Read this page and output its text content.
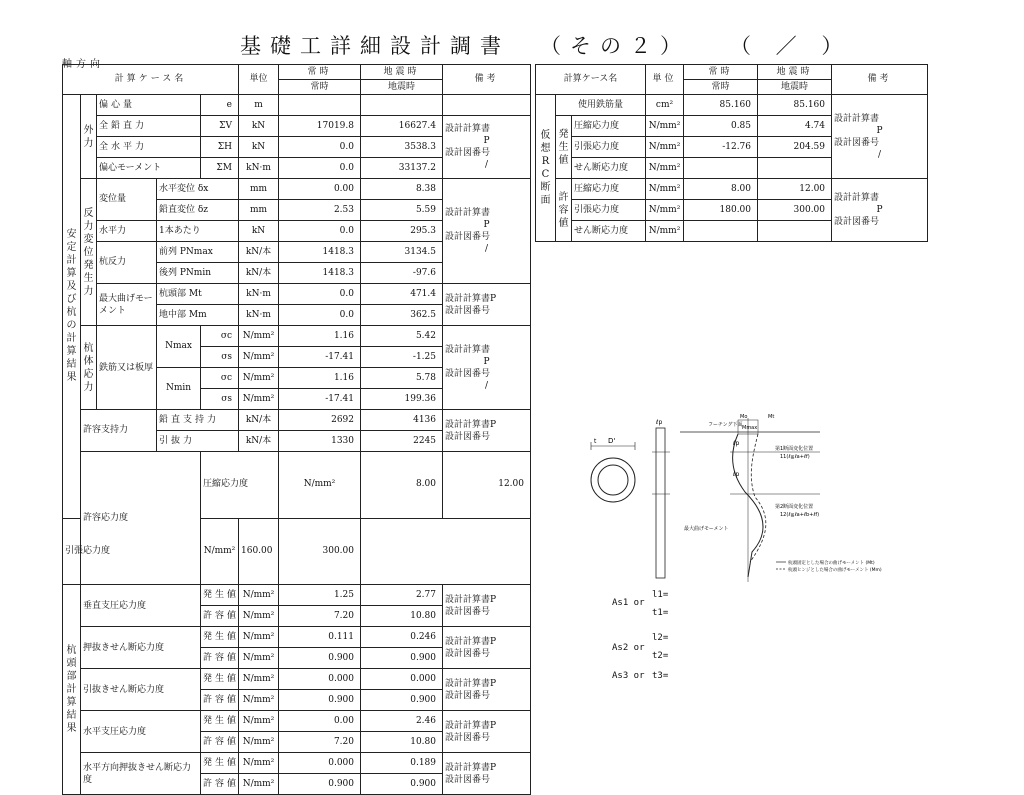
基礎工詳細設計調書 （その２） （ ／ ）
軸方向
計算ケース名					単位	常時	地震時	備考	
						常時	地震時		
安定計算及び杭の計算結果	外力	偏心量		e	m				
		全鉛直力		ΣV	kN	17019.8	16627.4	設計計算書
P
設計図番号
/	

		全水平力		ΣH	kN	0.0	3538.3		
		偏心モーメント		ΣM	kN·m	0.0	33137.2		
	反力変位発生力	変位量	水平変位 δx		mm	0.00	8.38	設計計算書
P
設計図番号
/	

			鉛直変位 δz		mm	2.53	5.59		
		水平力	1本あたり		kN	0.0	295.3		
		杭反力	前列 PNmax		kN/本	1418.3	3134.5		
			後列 PNmin		kN/本	1418.3	-97.6		
		最大曲げモーメント	杭頭部 Mt		kN·m	0.0	471.4	設計計算書P
設計図番号	

			地中部 Mm		kN·m	0.0	362.5		
	杭体応力	鉄筋又は板厚	Nmax	σc	N/mm²	1.16	5.42	設計計算書
P
設計図番号
/	

				σs	N/mm²	-17.41	-1.25		
			Nmin	σc	N/mm²	1.16	5.78		
				σs	N/mm²	-17.41	199.36		
	許容支持力		鉛直支持力		kN/本	2692	4136	設計計算書P
設計図番号	

			引抜力		kN/本	1330	2245		
	許容応力度			圧縮応力度		N/mm²	8.00	12.00	

引張応力度				N/mm²	160.00	300.00			
杭頭部計算結果	垂直支圧応力度			発生値	N/mm²	1.25	2.77	設計計算書P
設計図番号	

				許容値	N/mm²	7.20	10.80		
	押抜きせん断応力度			発生値	N/mm²	0.111	0.246	設計計算書P
設計図番号	

				許容値	N/mm²	0.900	0.900		
	引抜きせん断応力度			発生値	N/mm²	0.000	0.000	設計計算書P
設計図番号	

				許容値	N/mm²	0.900	0.900		
	水平支圧応力度			発生値	N/mm²	0.00	2.46	設計計算書P
設計図番号	

				許容値	N/mm²	7.20	10.80		
	水平方向押抜きせん断応力度			発生値	N/mm²	0.000	0.189	設計計算書P
設計図番号	

				許容値	N/mm²	0.900	0.900		
計算ケース名			単位	常時	地震時	備考
				常時	地震時	
仮想RC断面	使用鉄筋量		cm²	85.160	85.160	設計計算書
P
設計図番号
/

	発生値	圧縮応力度	N/mm²	0.85	4.74	
		引張応力度	N/mm²	-12.76	204.59	
		せん断応力度	N/mm²			
	許容値	圧縮応力度	N/mm²	8.00	12.00	設計計算書
P
設計図番号

		引張応力度	N/mm²	180.00	300.00	
		せん断応力度	N/mm²			
D'
t
ℓp	フーチング下面
Mo
Mmax
Mt
ℓp
ℓp
第1断面変化位置
11(ℓ≧ℓa+ℓf)
第2断面変化位置
12(ℓ≧ℓa+ℓb+ℓf)
最大曲げモーメント
杭頭固定とした場合の曲げモーメント (Mt)
杭頭ヒンジとした場合の曲げモーメント (Mm)
As1 or
l1=
t1=
As2 or
l2=
t2=
As3 or t3=
